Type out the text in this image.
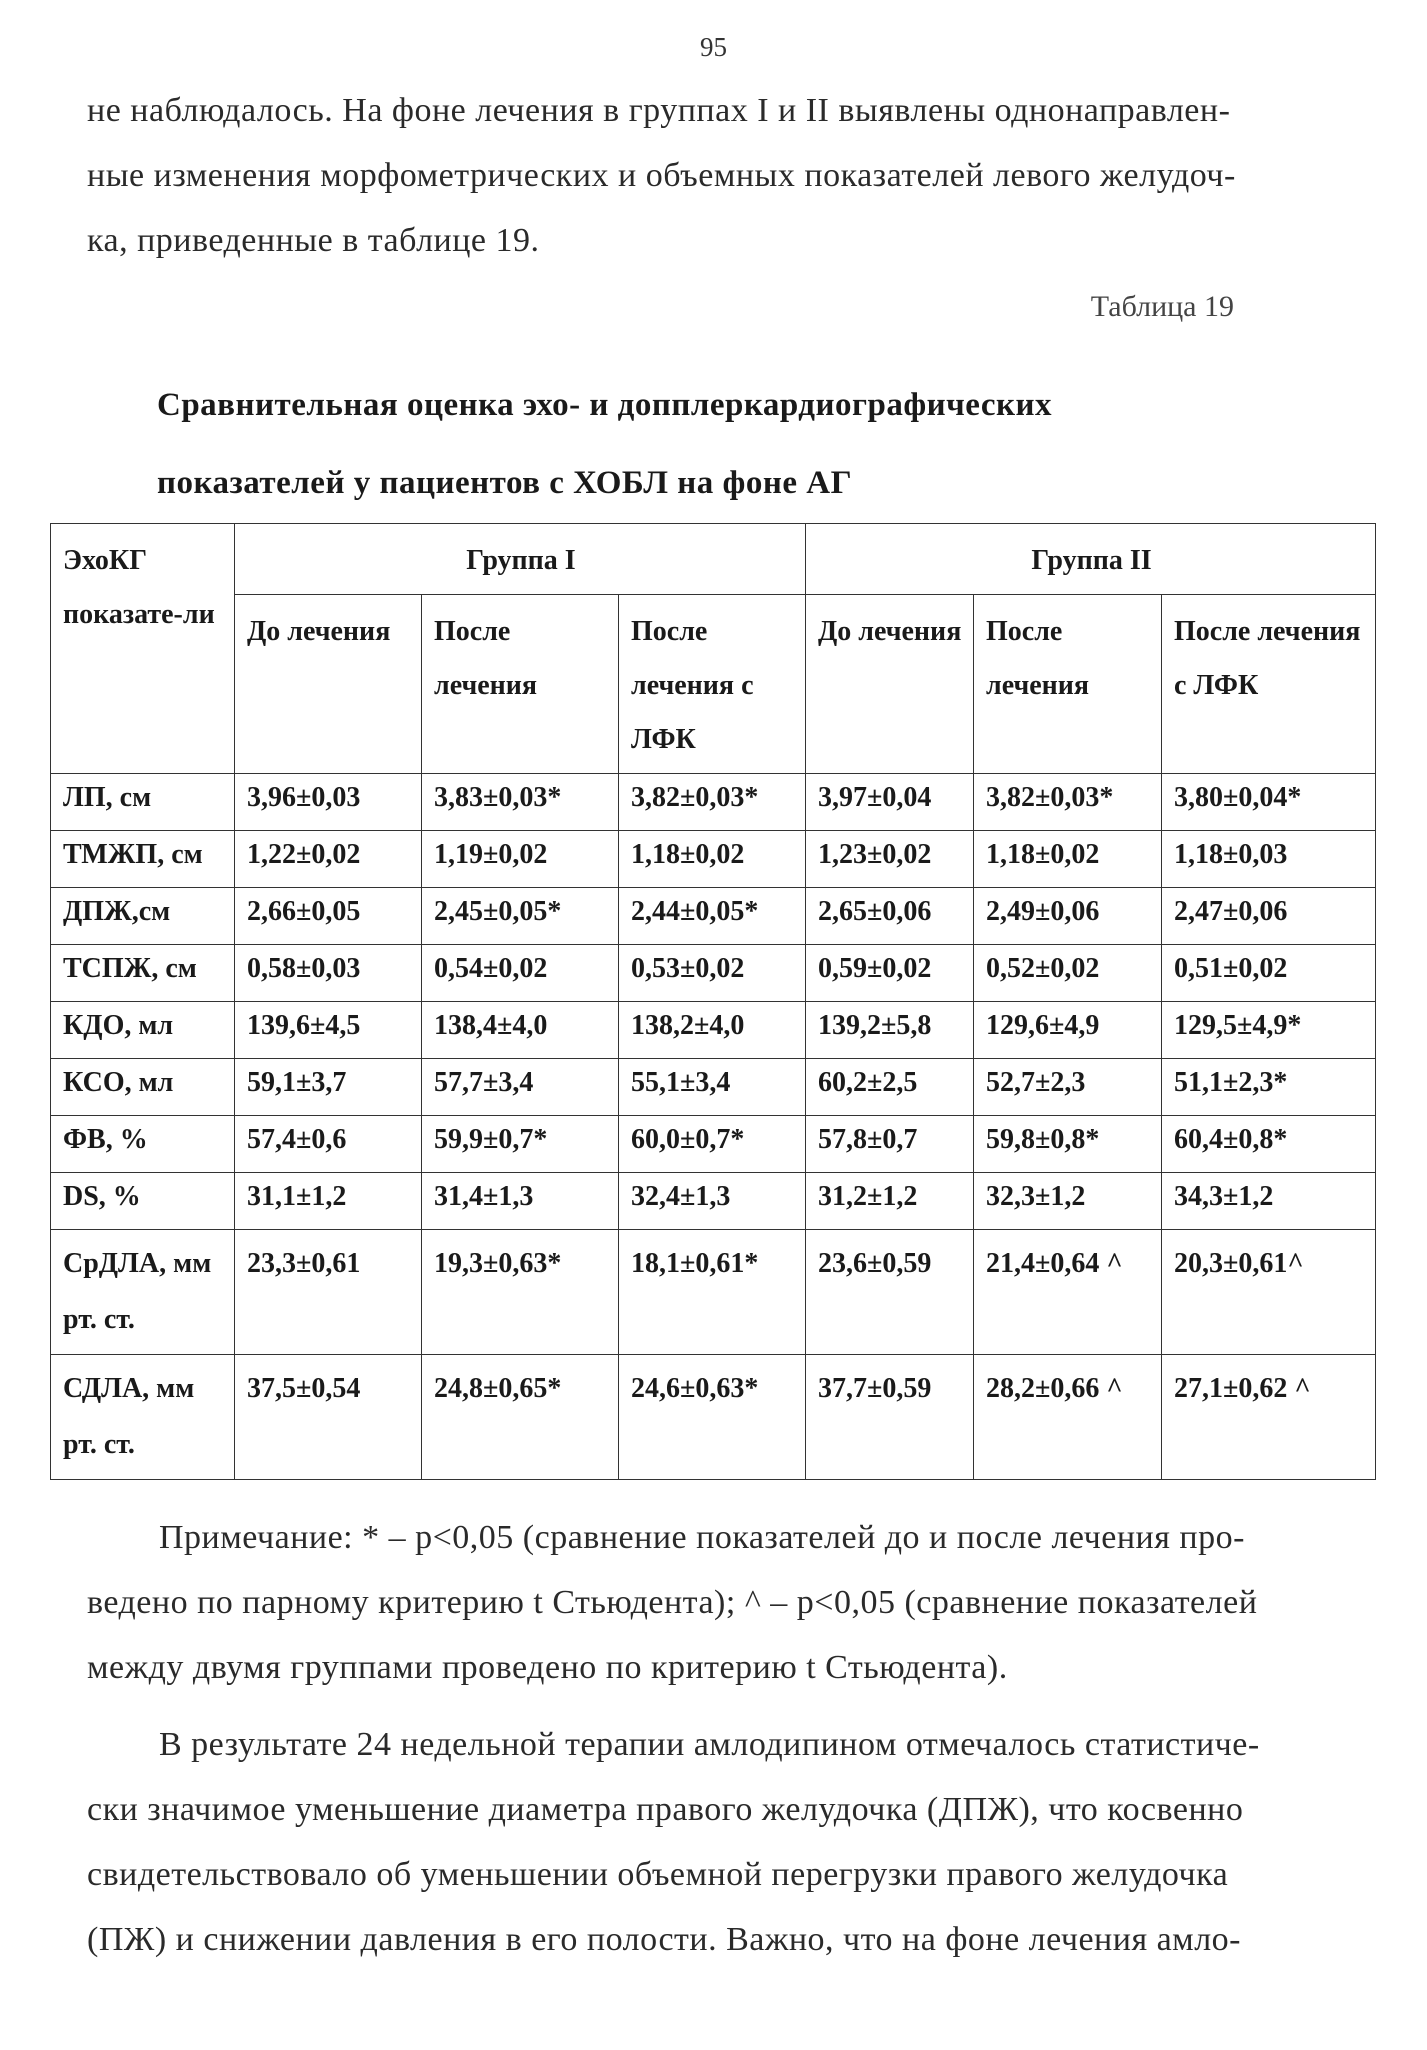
95
не наблюдалось. На фоне лечения в группах I и II выявлены однонаправлен-
ные изменения морфометрических и объемных показателей левого желудоч-
ка, приведенные в таблице 19.
Таблица 19
Сравнительная оценка эхо- и допплеркардиографических
показателей у пациентов с ХОБЛ на фоне АГ
ЭхоКГ показате-ли	Группа I			Группа II		
	До лечения	После лечения	После лечения с ЛФК	До лечения	После лечения	После лечения с ЛФК
ЛП, см	3,96±0,03	3,83±0,03*	3,82±0,03*	3,97±0,04	3,82±0,03*	3,80±0,04*
ТМЖП, см	1,22±0,02	1,19±0,02	1,18±0,02	1,23±0,02	1,18±0,02	1,18±0,03
ДПЖ,см	2,66±0,05	2,45±0,05*	2,44±0,05*	2,65±0,06	2,49±0,06	2,47±0,06
ТСПЖ, см	0,58±0,03	0,54±0,02	0,53±0,02	0,59±0,02	0,52±0,02	0,51±0,02
КДО, мл	139,6±4,5	138,4±4,0	138,2±4,0	139,2±5,8	129,6±4,9	129,5±4,9*
КСО, мл	59,1±3,7	57,7±3,4	55,1±3,4	60,2±2,5	52,7±2,3	51,1±2,3*
ФВ, %	57,4±0,6	59,9±0,7*	60,0±0,7*	57,8±0,7	59,8±0,8*	60,4±0,8*
DS, %	31,1±1,2	31,4±1,3	32,4±1,3	31,2±1,2	32,3±1,2	34,3±1,2
СрДЛА, мм рт. ст.	23,3±0,61	19,3±0,63*	18,1±0,61*	23,6±0,59	21,4±0,64 ^	20,3±0,61^
СДЛА, мм рт. ст.	37,5±0,54	24,8±0,65*	24,6±0,63*	37,7±0,59	28,2±0,66 ^	27,1±0,62 ^
Примечание: * – p<0,05 (сравнение показателей до и после лечения про-
ведено по парному критерию t Стьюдента); ^ – p<0,05 (сравнение показателей
между двумя группами проведено по критерию t Стьюдента).
В результате 24 недельной терапии амлодипином отмечалось статистиче-
ски значимое уменьшение диаметра правого желудочка (ДПЖ), что косвенно
свидетельствовало об уменьшении объемной перегрузки правого желудочка
(ПЖ) и снижении давления в его полости. Важно, что на фоне лечения амло-
